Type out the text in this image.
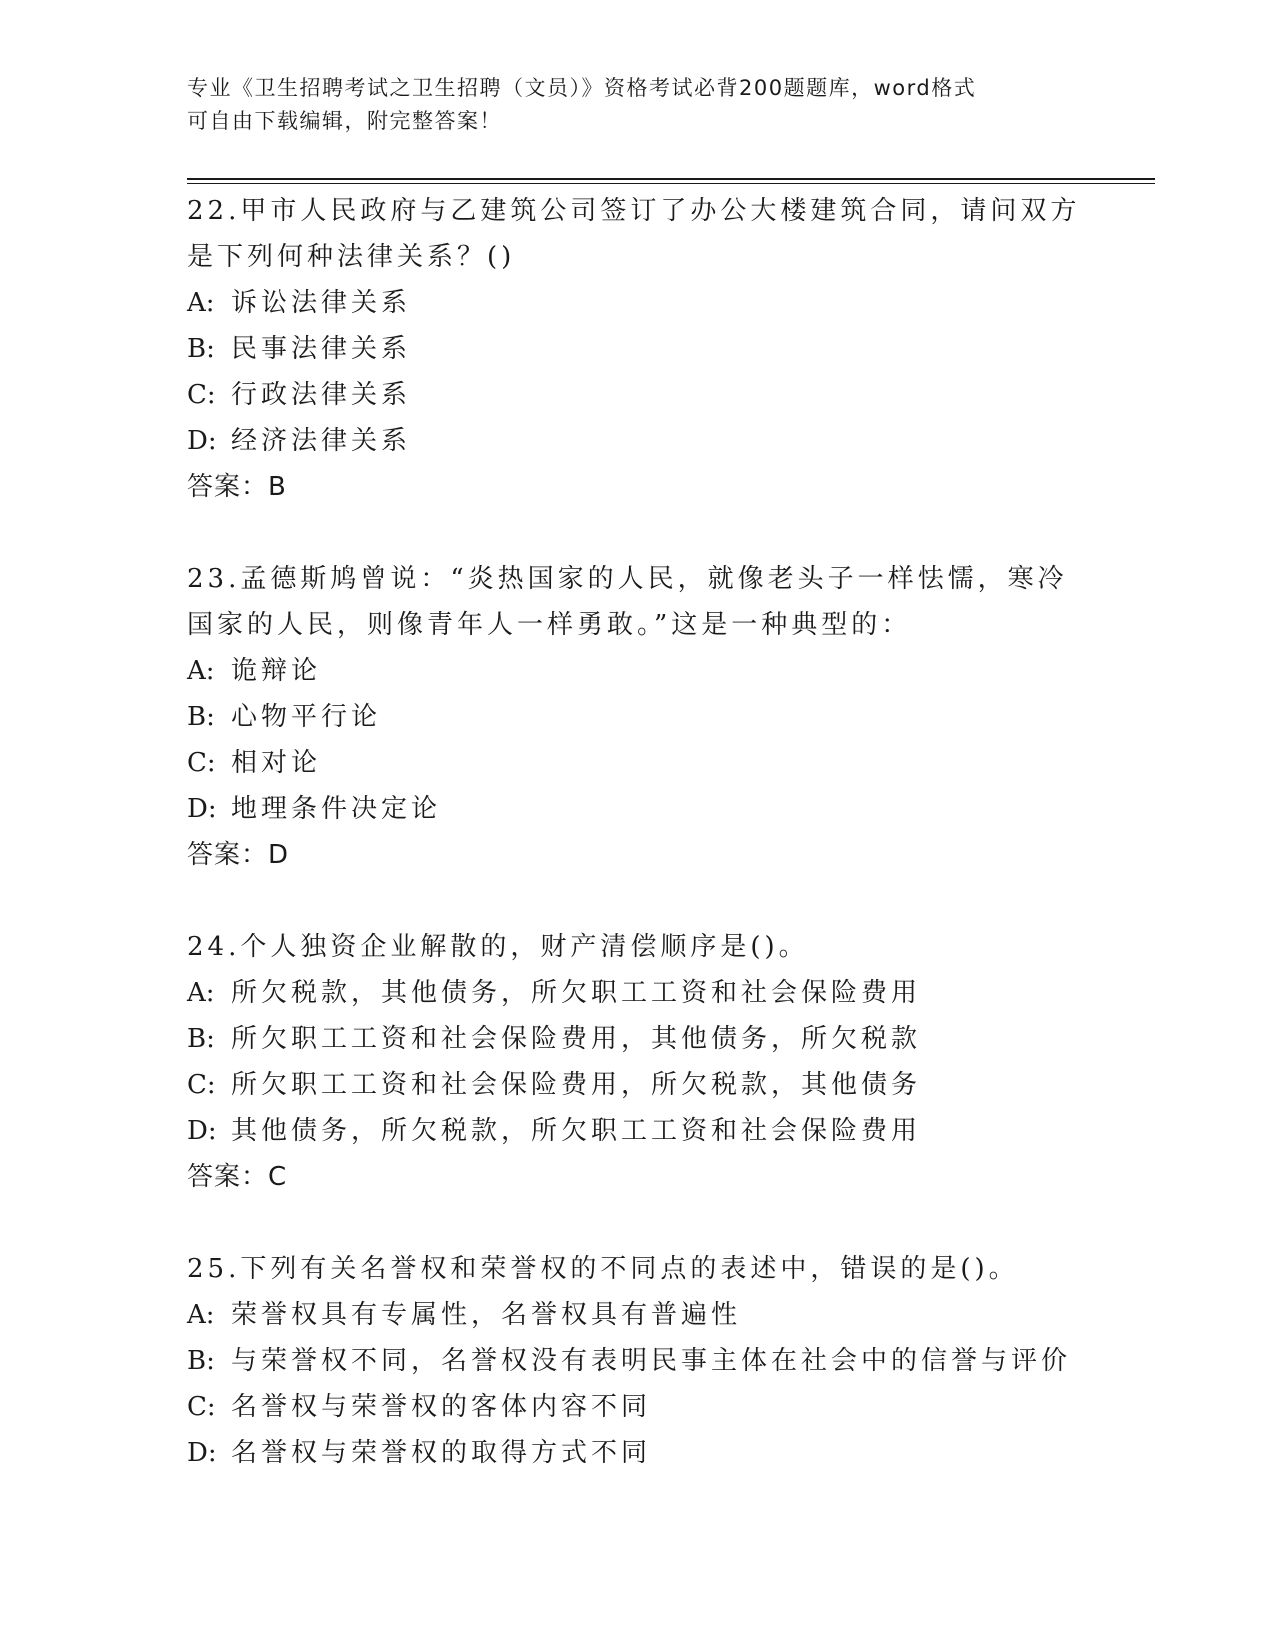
专业《卫生招聘考试之卫生招聘（文员）》资格考试必背200题题库，word格式
可自由下载编辑，附完整答案！
22.甲市人民政府与乙建筑公司签订了办公大楼建筑合同，请问双方是下列何种法律关系？()
A: 诉讼法律关系
B: 民事法律关系
C: 行政法律关系
D: 经济法律关系
答案：B
23.孟德斯鸠曾说：“炎热国家的人民，就像老头子一样怯懦，寒冷国家的人民，则像青年人一样勇敢。”这是一种典型的：
A: 诡辩论
B: 心物平行论
C: 相对论
D: 地理条件决定论
答案：D
24.个人独资企业解散的，财产清偿顺序是()。
A: 所欠税款，其他债务，所欠职工工资和社会保险费用
B: 所欠职工工资和社会保险费用，其他债务，所欠税款
C: 所欠职工工资和社会保险费用，所欠税款，其他债务
D: 其他债务，所欠税款，所欠职工工资和社会保险费用
答案：C
25.下列有关名誉权和荣誉权的不同点的表述中，错误的是()。
A: 荣誉权具有专属性，名誉权具有普遍性
B: 与荣誉权不同，名誉权没有表明民事主体在社会中的信誉与评价
C: 名誉权与荣誉权的客体内容不同
D: 名誉权与荣誉权的取得方式不同
